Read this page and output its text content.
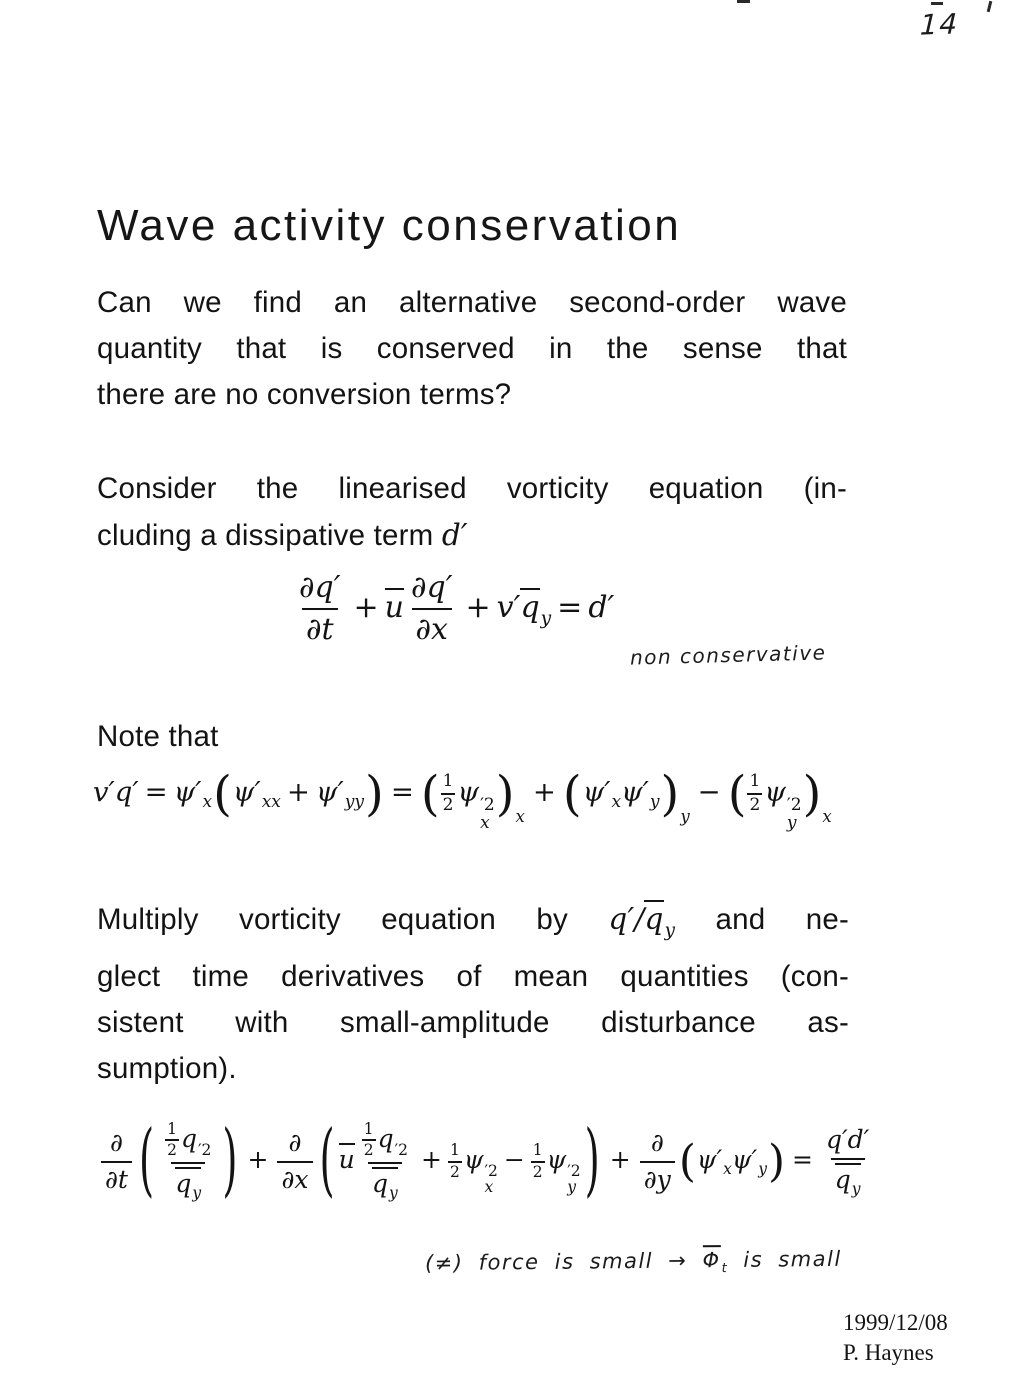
14
Wave activity conservation
Can we find an alternative second-order wave
quantity that is conserved in the sense that
there are no conversion terms?
Consider the linearised vorticity equation (in-
cluding a dissipative term d′
$\frac{\partial q'}{\partial t} + u \frac{\partial q'}{\partial x} + v'q_y = d'$
non conservative
Note that
$v'q' = \psi'_x(\psi'_{xx} + \psi'_{yy})$ = ( $\frac{1}{2}$ ψ ′2
x
)$_x+ (\psi'_x\psi'_y)_y-$ ( $\frac{1}{2}$ ψ ′2
y
)$_x$
Multiply vorticity equation by $q'/q_y$ and ne-
glect time derivatives of mean quantities (con-
sistent with small-amplitude disturbance as-
sumption).
$\frac{\partial}{\partial t}$ ( $\frac{\frac{1}{2} q '2}{q_y}$ ) + $\frac{\partial}{\partial x}$ ( u $\frac{\frac{1}{2} q '2}{q_y} + \frac{1}{2}$ ψ ′2
x
− $\frac{1}{2}$ ψ ′2
y ) + $\frac{\partial}{\partial y} (\psi'_x\psi'_y) = \frac{q'd'}{q_y}$
(≠) force is small → $\Phi_t$ is small
1999/12/08
P. Haynes
